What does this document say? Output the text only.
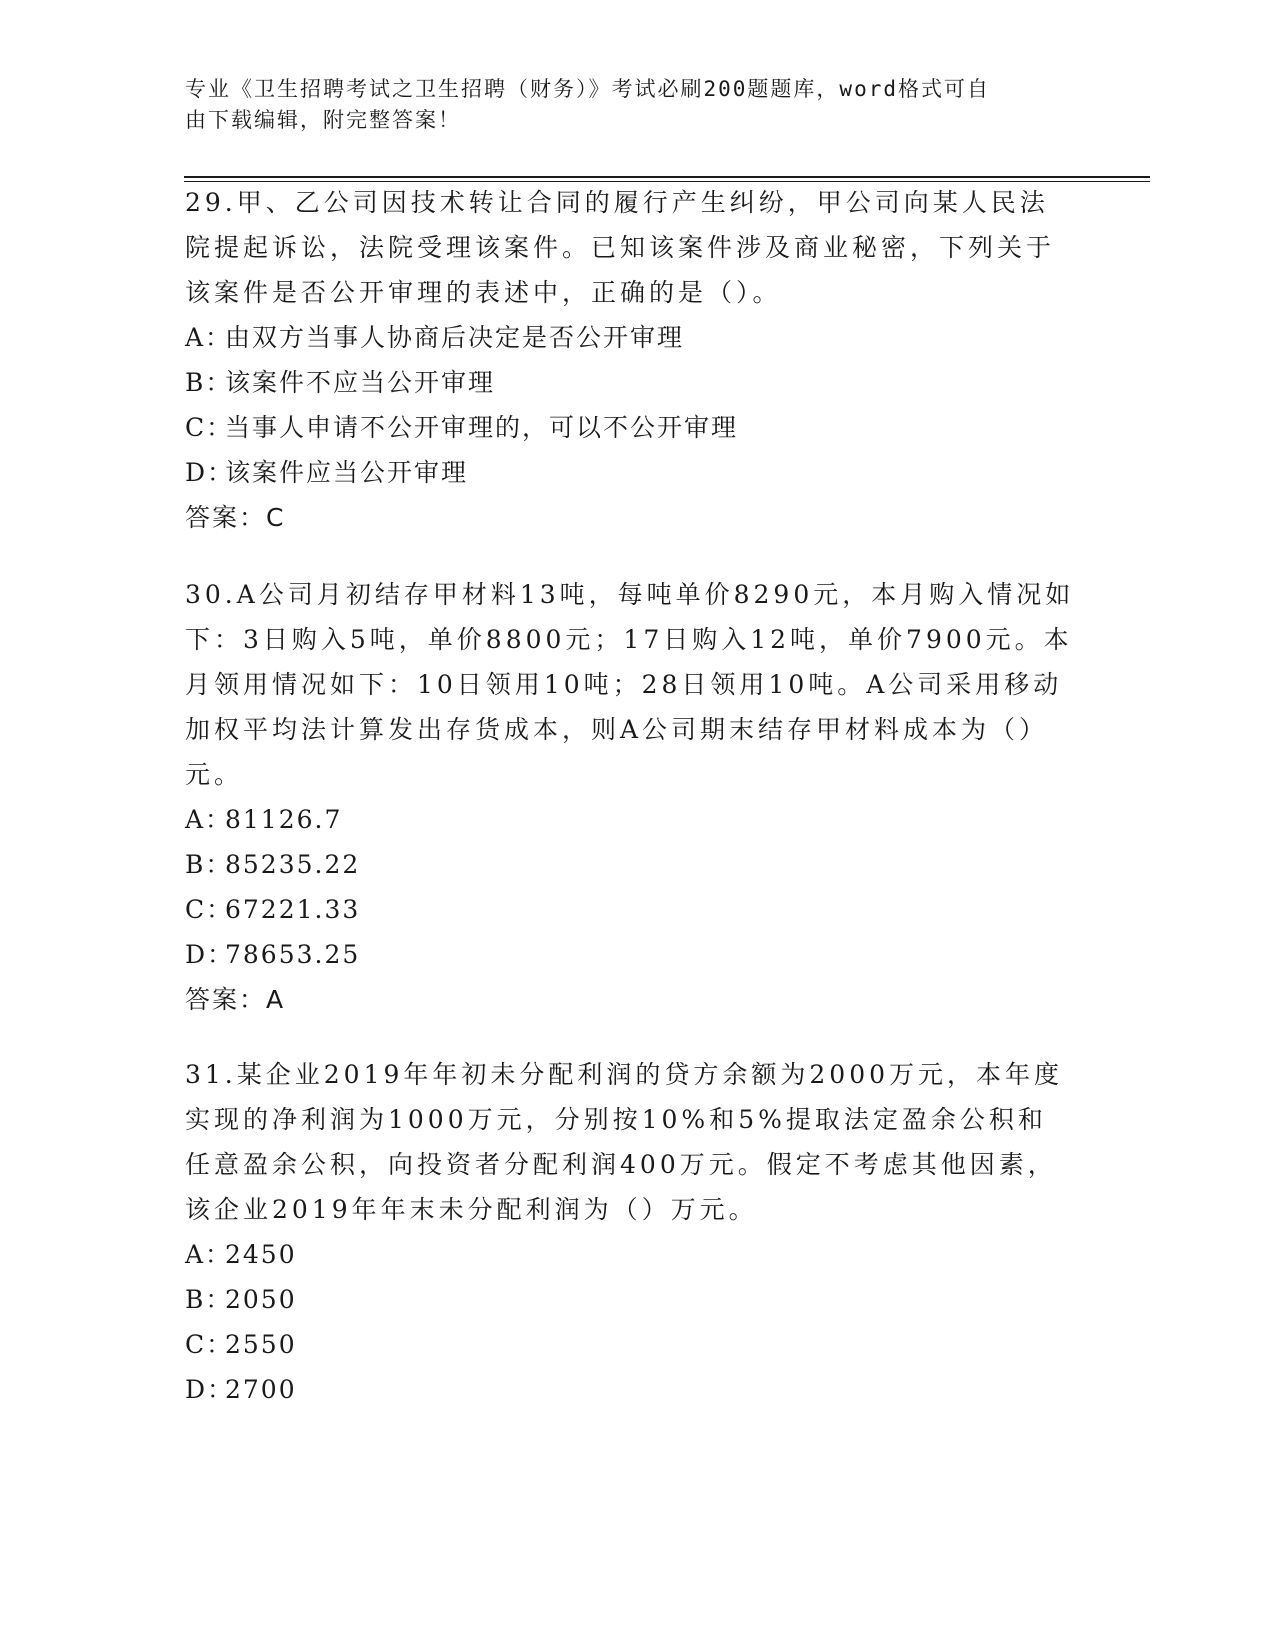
专业《卫生招聘考试之卫生招聘（财务）》考试必刷200题题库，word格式可自
由下载编辑，附完整答案！

29.甲、乙公司因技术转让合同的履行产生纠纷，甲公司向某人民法院提起诉讼，法院受理该案件。已知该案件涉及商业秘密，下列关于该案件是否公开审理的表述中，正确的是（）。

A：由双方当事人协商后决定是否公开审理

B：该案件不应当公开审理

C：当事人申请不公开审理的，可以不公开审理

D：该案件应当公开审理

答案：C

30.A公司月初结存甲材料13吨，每吨单价8290元，本月购入情况如下：3日购入5吨，单价8800元；17日购入12吨，单价7900元。本月领用情况如下：10日领用10吨；28日领用10吨。A公司采用移动加权平均法计算发出存货成本，则A公司期末结存甲材料成本为（）元。

A：81126.7

B：85235.22

C：67221.33

D：78653.25

答案：A

31.某企业2019年年初未分配利润的贷方余额为2000万元，本年度实现的净利润为1000万元，分别按10%和5%提取法定盈余公积和任意盈余公积，向投资者分配利润400万元。假定不考虑其他因素，该企业2019年年末未分配利润为（）万元。

A：2450

B：2050

C：2550

D：2700
